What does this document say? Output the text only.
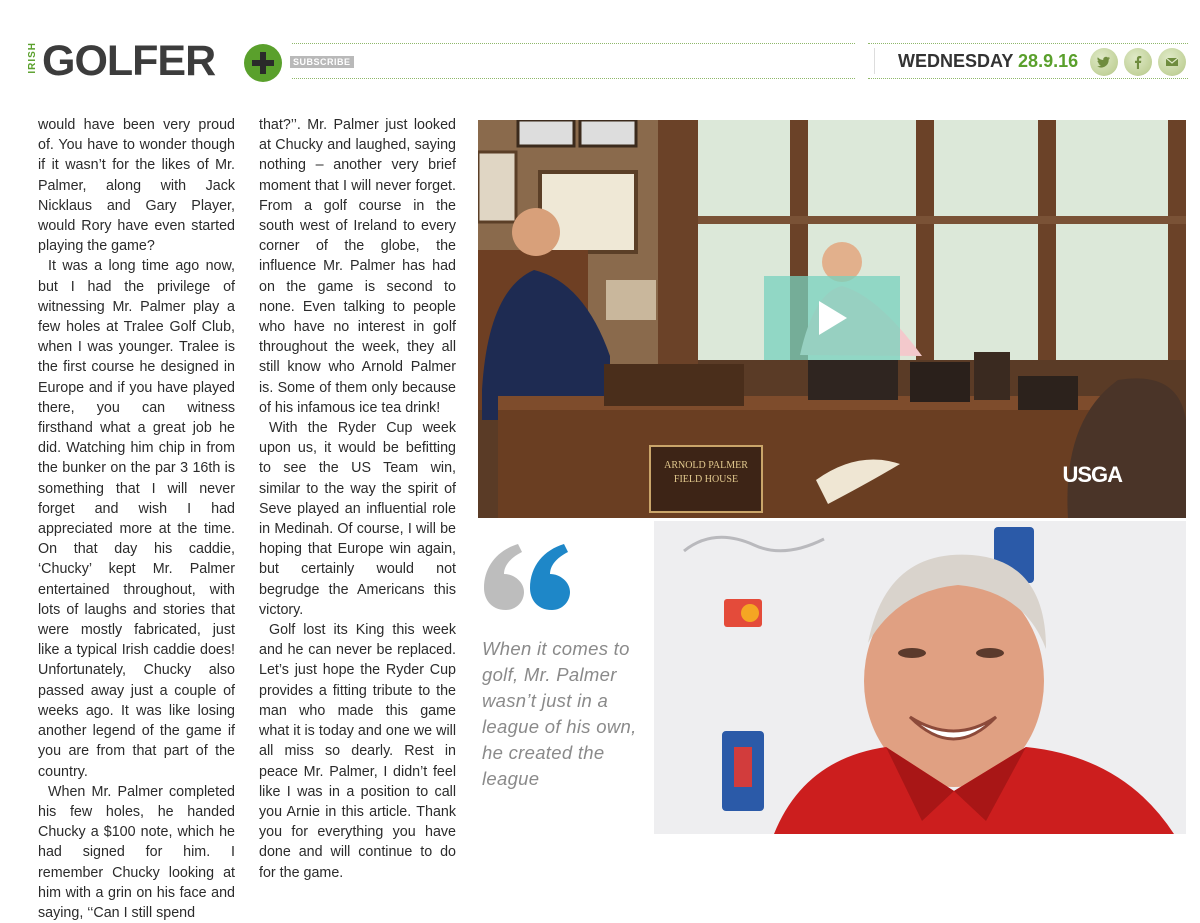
IRISH GOLFER	SUBSCRIBE	WEDNESDAY 28.9.16

would have been very proud of. You have to wonder though if it wasn’t for the likes of Mr. Palmer, along with Jack Nicklaus and Gary Player, would Rory have even started playing the game?

It was a long time ago now, but I had the privilege of witnessing Mr. Palmer play a few holes at Tralee Golf Club, when I was younger. Tralee is the first course he designed in Europe and if you have played there, you can witness firsthand what a great job he did. Watching him chip in from the bunker on the par 3 16th is something that I will never forget and wish I had appreciated more at the time. On that day his caddie, ‘Chucky’ kept Mr. Palmer entertained throughout, with lots of laughs and stories that were mostly fabricated, just like a typical Irish caddie does! Unfortunately, Chucky also passed away just a couple of weeks ago. It was like losing another legend of the game if you are from that part of the country.

When Mr. Palmer completed his few holes, he handed Chucky a $100 note, which he had signed for him. I remember Chucky looking at him with a grin on his face and saying, ‘‘Can I still spend

that?’’. Mr. Palmer just looked at Chucky and laughed, saying nothing – another very brief moment that I will never forget. From a golf course in the south west of Ireland to every corner of the globe, the influence Mr. Palmer has had on the game is second to none. Even talking to people who have no interest in golf throughout the week, they all still know who Arnold Palmer is. Some of them only because of his infamous ice tea drink!

With the Ryder Cup week upon us, it would be befitting to see the US Team win, similar to the way the spirit of Seve played an influential role in Medinah. Of course, I will be hoping that Europe win again, but certainly would not begrudge the Americans this victory.

Golf lost its King this week and he can never be replaced. Let’s just hope the Ryder Cup provides a fitting tribute to the man who made this game what it is today and one we will all miss so dearly. Rest in peace Mr. Palmer, I didn’t feel like I was in a position to call you Arnie in this article. Thank you for everything you have done and will continue to do for the game.

ARNOLD PALMER
FIELD HOUSE	USGA
When it comes to golf, Mr. Palmer wasn’t just in a league of his own, he created the league
